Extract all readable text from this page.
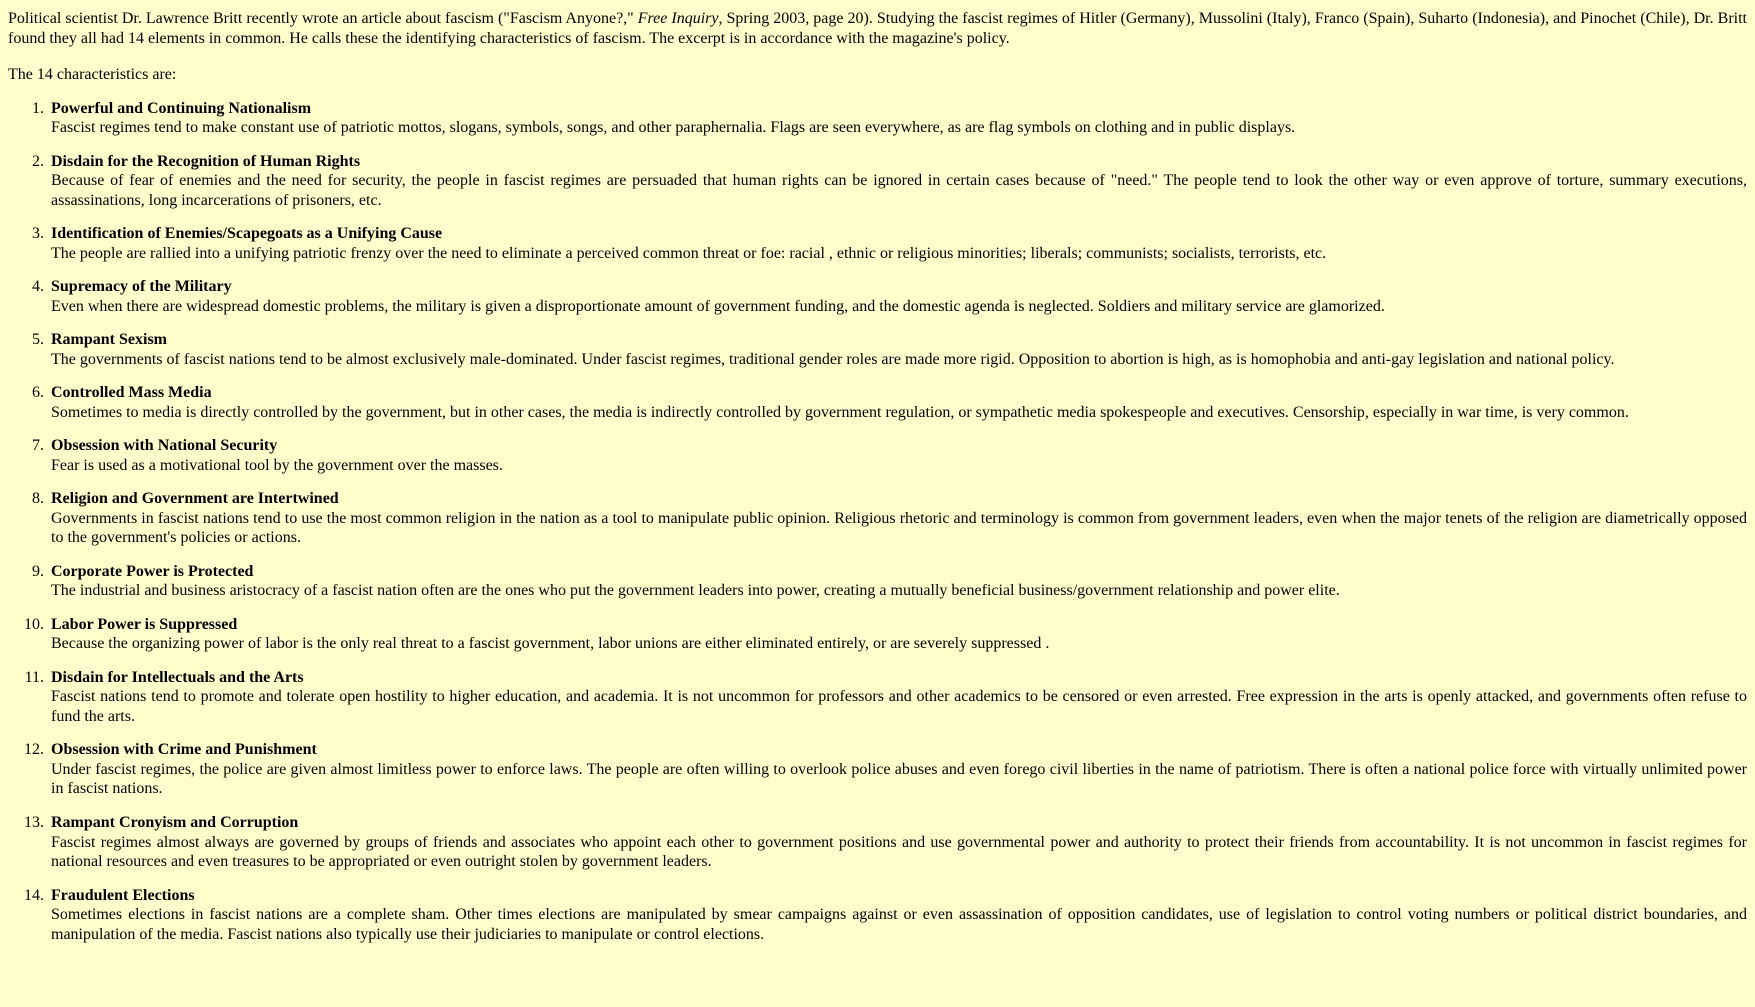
Political scientist Dr. Lawrence Britt recently wrote an article about fascism ("Fascism Anyone?," Free Inquiry, Spring 2003, page 20). Studying the fascist regimes of Hitler (Germany), Mussolini (Italy), Franco (Spain), Suharto (Indonesia), and Pinochet (Chile), Dr. Britt found they all had 14 elements in common. He calls these the identifying characteristics of fascism. The excerpt is in accordance with the magazine's policy.

The 14 characteristics are:

1. Powerful and Continuing Nationalism
Fascist regimes tend to make constant use of patriotic mottos, slogans, symbols, songs, and other paraphernalia. Flags are seen everywhere, as are flag symbols on clothing and in public displays.
2. Disdain for the Recognition of Human Rights
Because of fear of enemies and the need for security, the people in fascist regimes are persuaded that human rights can be ignored in certain cases because of "need." The people tend to look the other way or even approve of torture, summary executions, assassinations, long incarcerations of prisoners, etc.
3. Identification of Enemies/Scapegoats as a Unifying Cause
The people are rallied into a unifying patriotic frenzy over the need to eliminate a perceived common threat or foe: racial , ethnic or religious minorities; liberals; communists; socialists, terrorists, etc.
4. Supremacy of the Military
Even when there are widespread domestic problems, the military is given a disproportionate amount of government funding, and the domestic agenda is neglected. Soldiers and military service are glamorized.
5. Rampant Sexism
The governments of fascist nations tend to be almost exclusively male-dominated. Under fascist regimes, traditional gender roles are made more rigid. Opposition to abortion is high, as is homophobia and anti-gay legislation and national policy.
6. Controlled Mass Media
Sometimes to media is directly controlled by the government, but in other cases, the media is indirectly controlled by government regulation, or sympathetic media spokespeople and executives. Censorship, especially in war time, is very common.
7. Obsession with National Security
Fear is used as a motivational tool by the government over the masses.
8. Religion and Government are Intertwined
Governments in fascist nations tend to use the most common religion in the nation as a tool to manipulate public opinion. Religious rhetoric and terminology is common from government leaders, even when the major tenets of the religion are diametrically opposed to the government's policies or actions.
9. Corporate Power is Protected
The industrial and business aristocracy of a fascist nation often are the ones who put the government leaders into power, creating a mutually beneficial business/government relationship and power elite.
10. Labor Power is Suppressed
Because the organizing power of labor is the only real threat to a fascist government, labor unions are either eliminated entirely, or are severely suppressed .
11. Disdain for Intellectuals and the Arts
Fascist nations tend to promote and tolerate open hostility to higher education, and academia. It is not uncommon for professors and other academics to be censored or even arrested. Free expression in the arts is openly attacked, and governments often refuse to fund the arts.
12. Obsession with Crime and Punishment
Under fascist regimes, the police are given almost limitless power to enforce laws. The people are often willing to overlook police abuses and even forego civil liberties in the name of patriotism. There is often a national police force with virtually unlimited power in fascist nations.
13. Rampant Cronyism and Corruption
Fascist regimes almost always are governed by groups of friends and associates who appoint each other to government positions and use governmental power and authority to protect their friends from accountability. It is not uncommon in fascist regimes for national resources and even treasures to be appropriated or even outright stolen by government leaders.
14. Fraudulent Elections
Sometimes elections in fascist nations are a complete sham. Other times elections are manipulated by smear campaigns against or even assassination of opposition candidates, use of legislation to control voting numbers or political district boundaries, and manipulation of the media. Fascist nations also typically use their judiciaries to manipulate or control elections.
